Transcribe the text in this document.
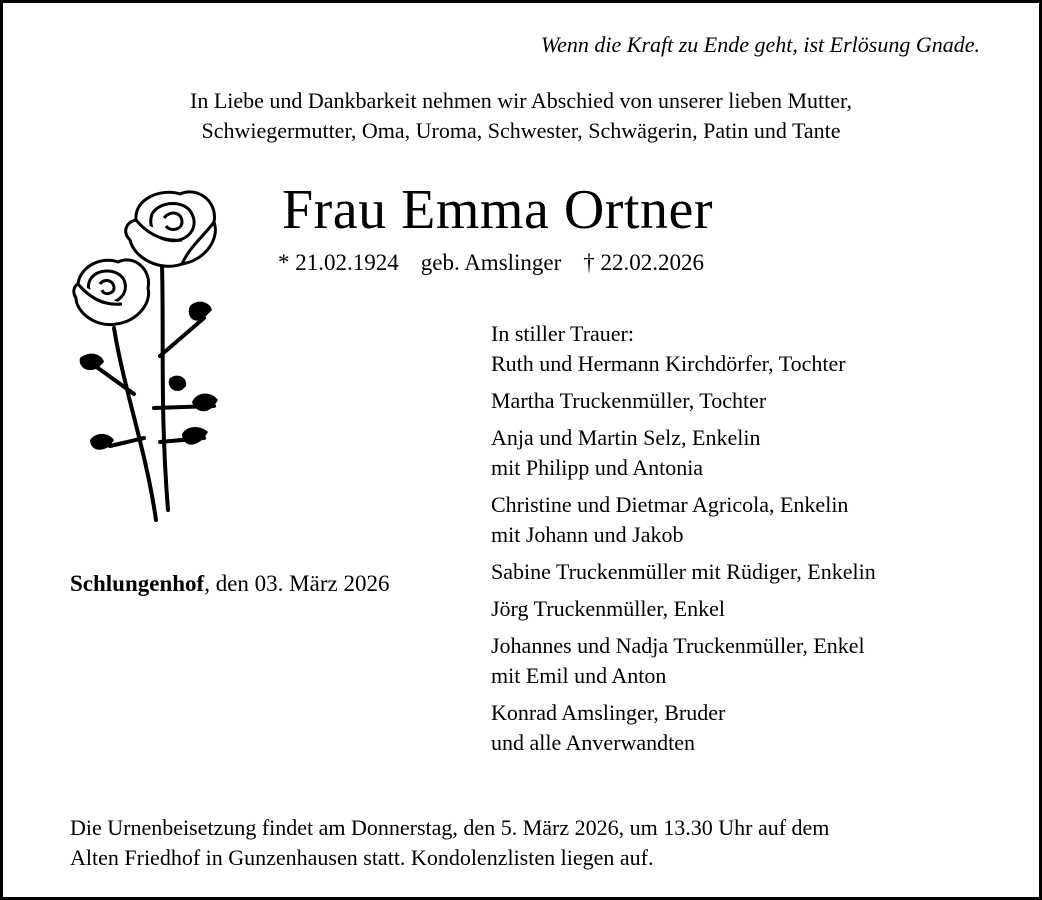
Wenn die Kraft zu Ende geht, ist Erlösung Gnade.
In Liebe und Dankbarkeit nehmen wir Abschied von unserer lieben Mutter,
Schwiegermutter, Oma, Uroma, Schwester, Schwägerin, Patin und Tante
Frau Emma Ortner
* 21.02.1924 geb. Amslinger † 22.02.2026
In stiller Trauer:
Ruth und Hermann Kirchdörfer, Tochter
Martha Truckenmüller, Tochter
Anja und Martin Selz, Enkelin
mit Philipp und Antonia
Christine und Dietmar Agricola, Enkelin
mit Johann und Jakob
Sabine Truckenmüller mit Rüdiger, Enkelin
Jörg Truckenmüller, Enkel
Johannes und Nadja Truckenmüller, Enkel
mit Emil und Anton
Konrad Amslinger, Bruder
und alle Anverwandten
Schlungenhof, den 03. März 2026
Die Urnenbeisetzung findet am Donnerstag, den 5. März 2026, um 13.30 Uhr auf dem
Alten Friedhof in Gunzenhausen statt. Kondolenzlisten liegen auf.
